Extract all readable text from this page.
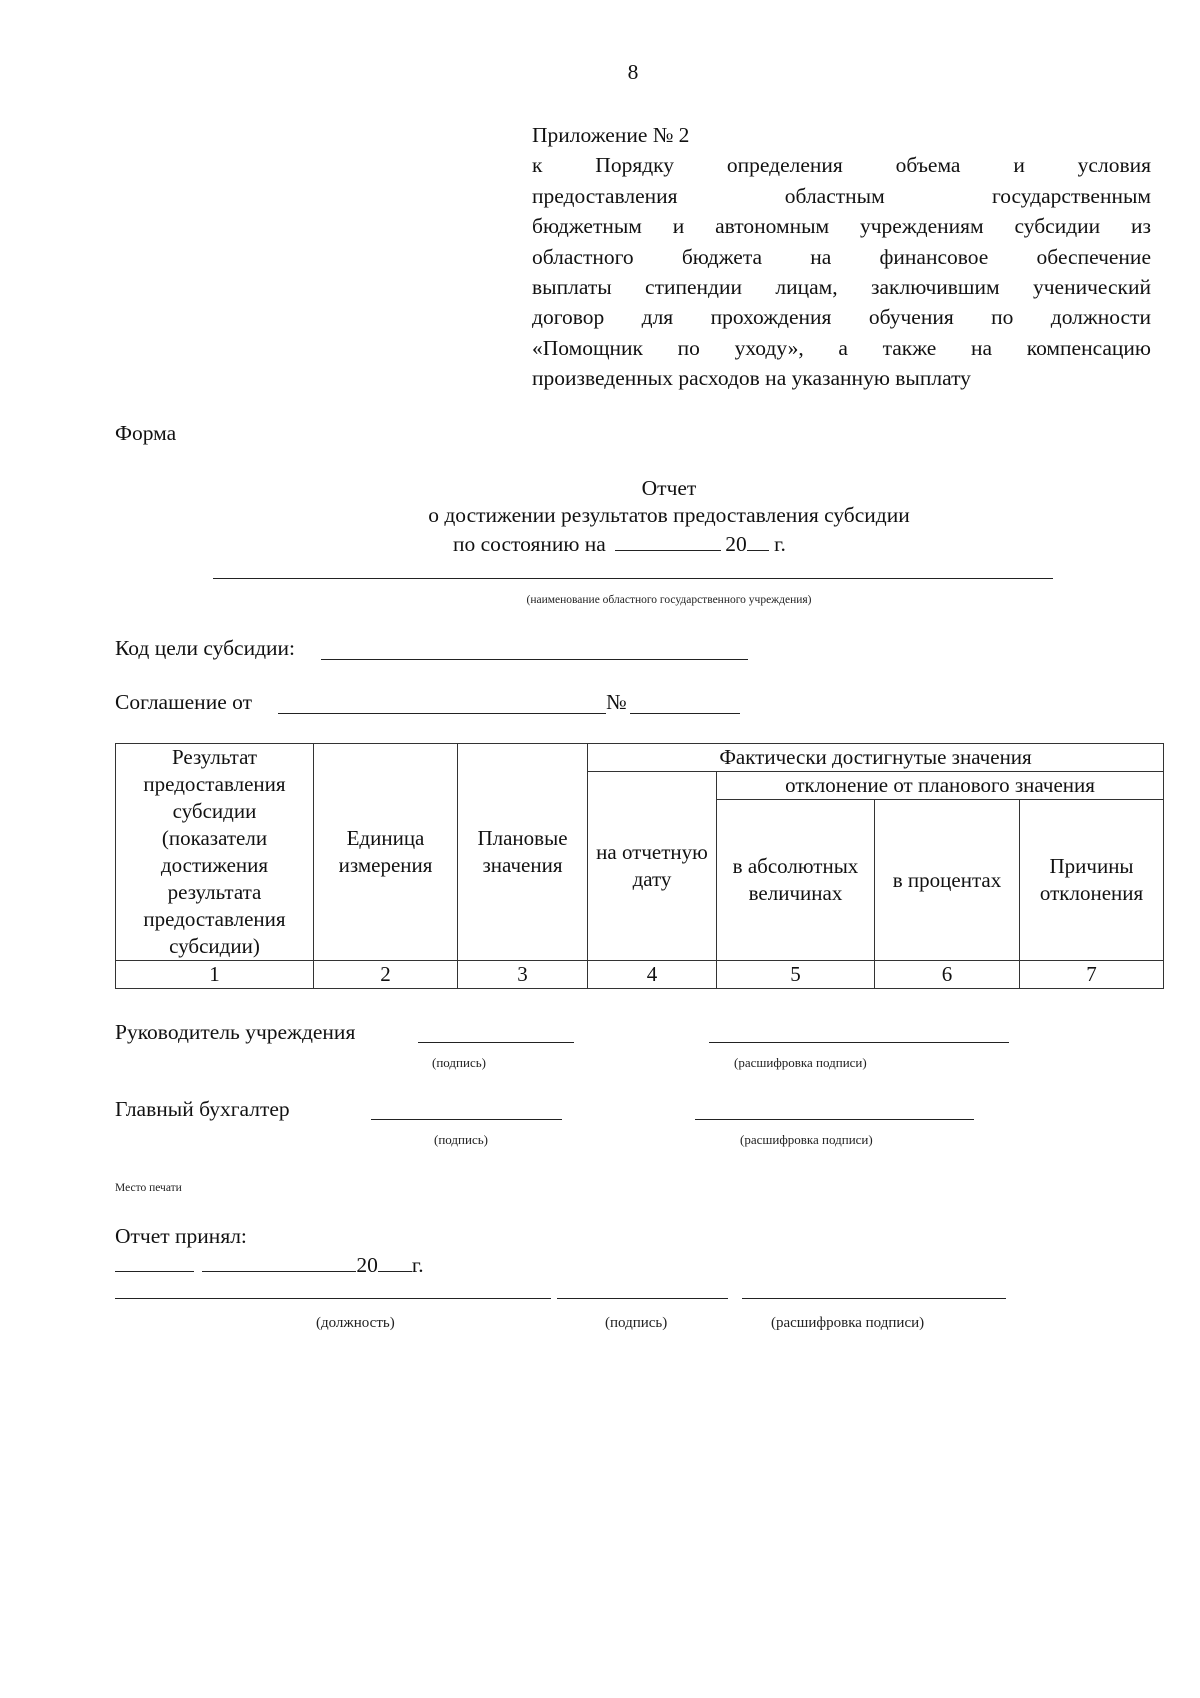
8
Приложение № 2
к Порядку определения объема и условия
предоставления областным государственным
бюджетным и автономным учреждениям субсидии из
областного бюджета на финансовое обеспечение
выплаты стипендии лицам, заключившим ученический
договор для прохождения обучения по должности
«Помощник по уходу», а также на компенсацию
произведенных расходов на указанную выплату
Форма
Отчет
о достижении результатов предоставления субсидии
по состоянию на	20 г.
(наименование областного государственного учреждения)
Код цели субсидии:
Соглашение от	№
Результат предоставления субсидии (показатели достижения результата предоставления субсидии)	Единица измерения	Плановые значения	Фактически достигнутые значения			
			на отчетную дату	отклонение от планового значения		
				в абсолютных величинах	в процентах	Причины отклонения
1	2	3	4	5	6	7
Руководитель учреждения
(подпись)	(расшифровка подписи)
Главный бухгалтер
(подпись)	(расшифровка подписи)
Место печати
Отчет принял:
20 г.
(должность)	(подпись)	(расшифровка подписи)
